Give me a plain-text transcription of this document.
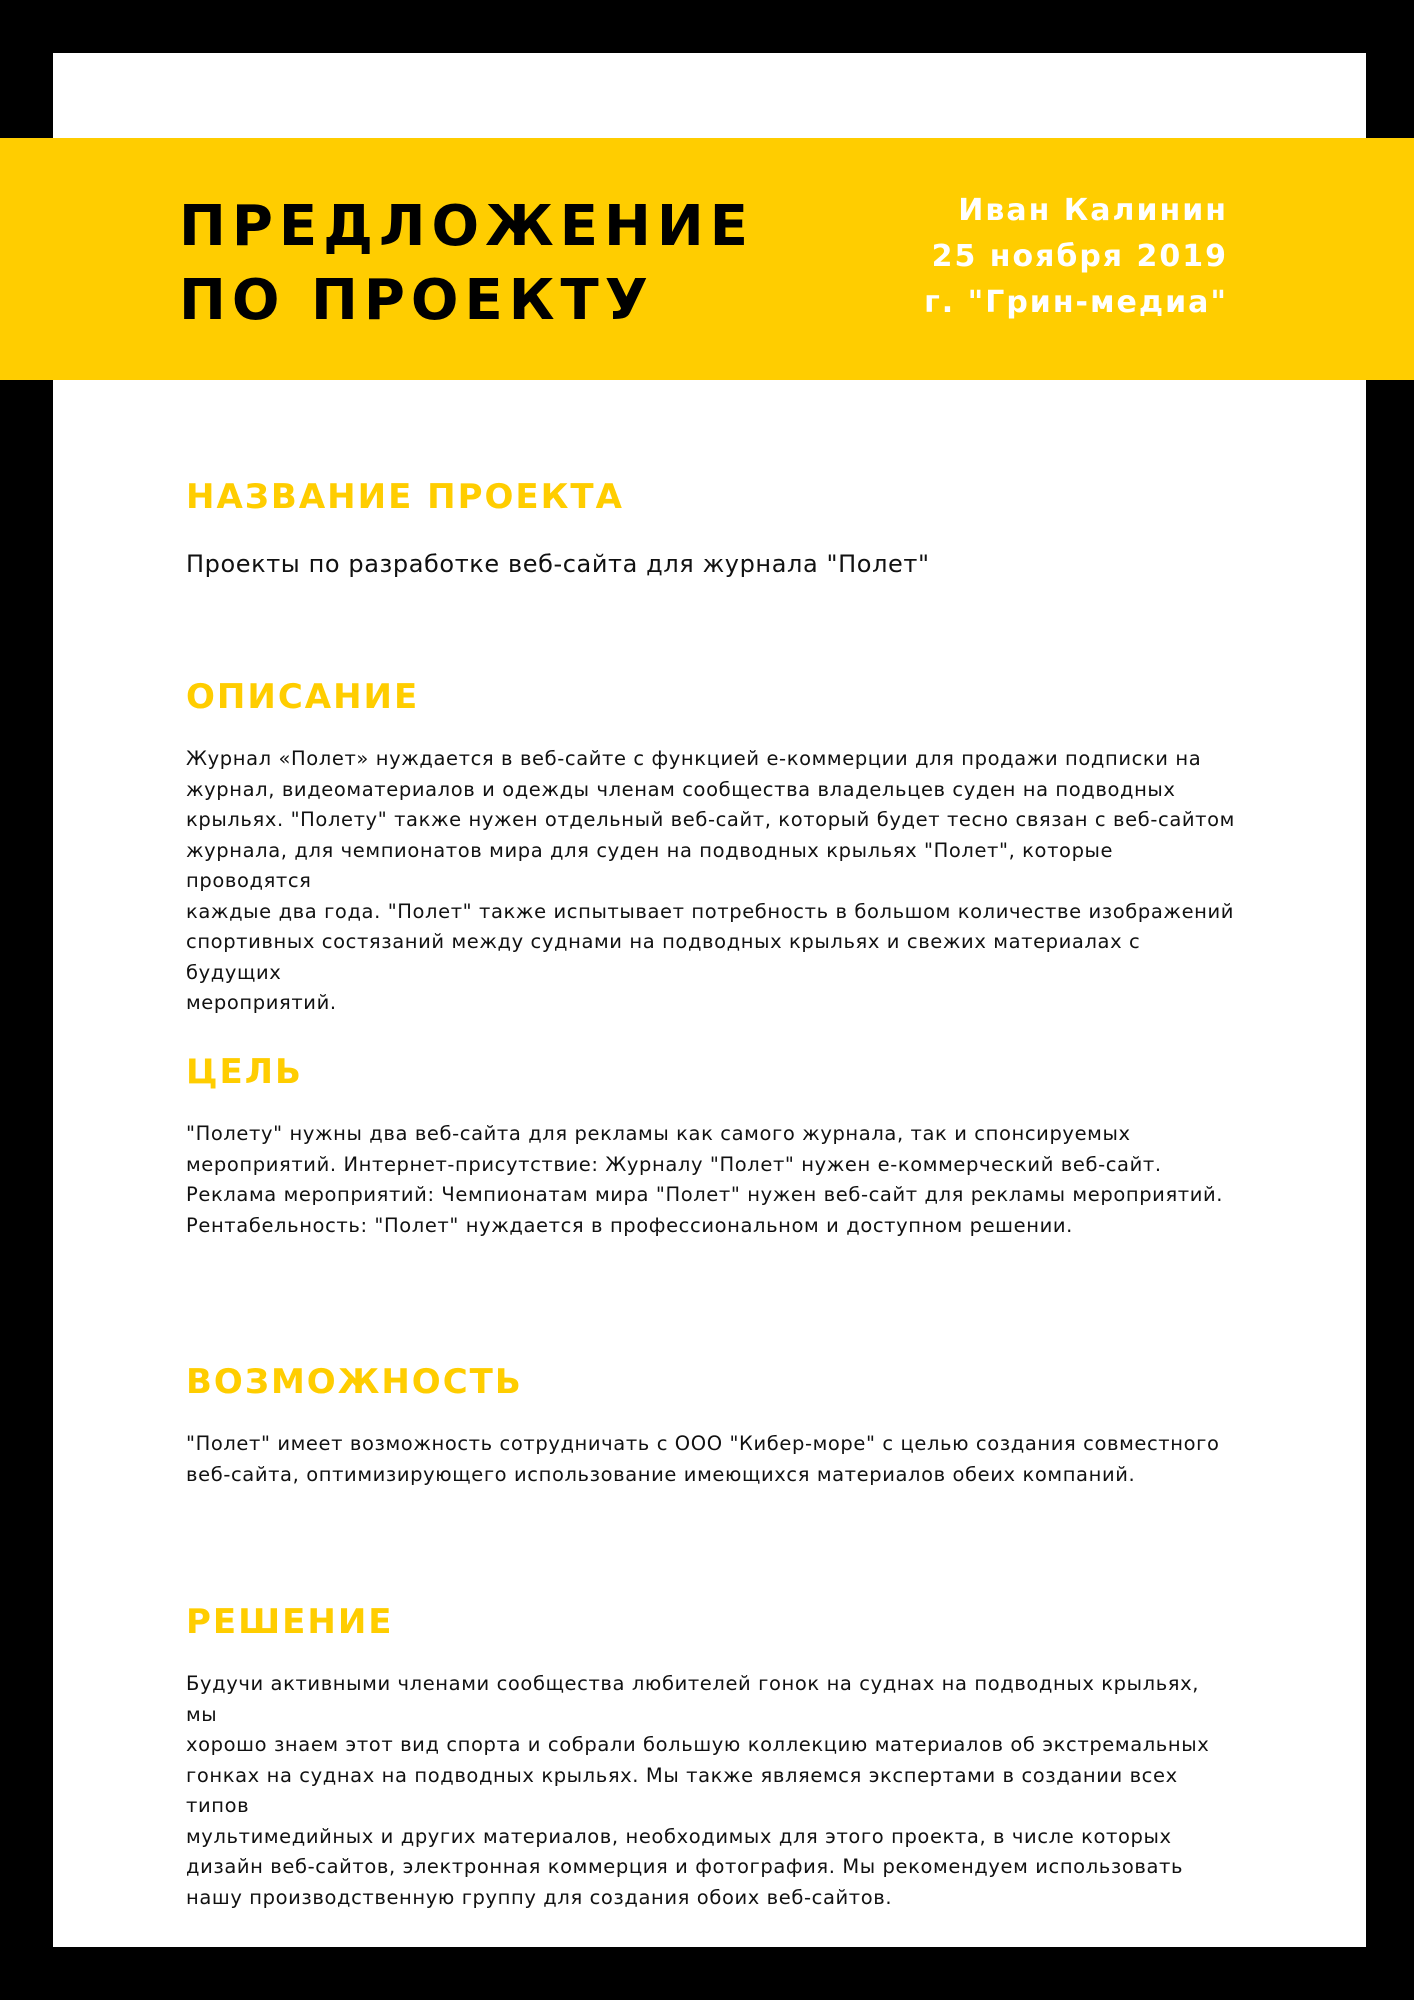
ПРЕДЛОЖЕНИЕ
ПО ПРОЕКТУ
Иван Калинин
25 ноября 2019
г. "Грин-медиа"
НАЗВАНИЕ ПРОЕКТА

Проекты по разработке веб-сайта для журнала "Полет"

ОПИСАНИЕ

Журнал «Полет» нуждается в веб-сайте с функцией е-коммерции для продажи подписки на
журнал, видеоматериалов и одежды членам сообщества владельцев суден на подводных
крыльях. "Полету" также нужен отдельный веб-сайт, который будет тесно связан с веб-сайтом
журнала, для чемпионатов мира для суден на подводных крыльях "Полет", которые проводятся
каждые два года. "Полет" также испытывает потребность в большом количестве изображений
спортивных состязаний между суднами на подводных крыльях и свежих материалах с будущих
мероприятий.

ЦЕЛЬ

"Полету" нужны два веб-сайта для рекламы как самого журнала, так и спонсируемых
мероприятий. Интернет-присутствие: Журналу "Полет" нужен е-коммерческий веб-сайт.
Реклама мероприятий: Чемпионатам мира "Полет" нужен веб-сайт для рекламы мероприятий.
Рентабельность: "Полет" нуждается в профессиональном и доступном решении.

ВОЗМОЖНОСТЬ

"Полет" имеет возможность сотрудничать с ООО "Кибер-море" с целью создания совместного
веб-сайта, оптимизирующего использование имеющихся материалов обеих компаний.

РЕШЕНИЕ

Будучи активными членами сообщества любителей гонок на суднах на подводных крыльях, мы
хорошо знаем этот вид спорта и собрали большую коллекцию материалов об экстремальных
гонках на суднах на подводных крыльях. Мы также являемся экспертами в создании всех типов
мультимедийных и других материалов, необходимых для этого проекта, в числе которых
дизайн веб-сайтов, электронная коммерция и фотография. Мы рекомендуем использовать
нашу производственную группу для создания обоих веб-сайтов.
